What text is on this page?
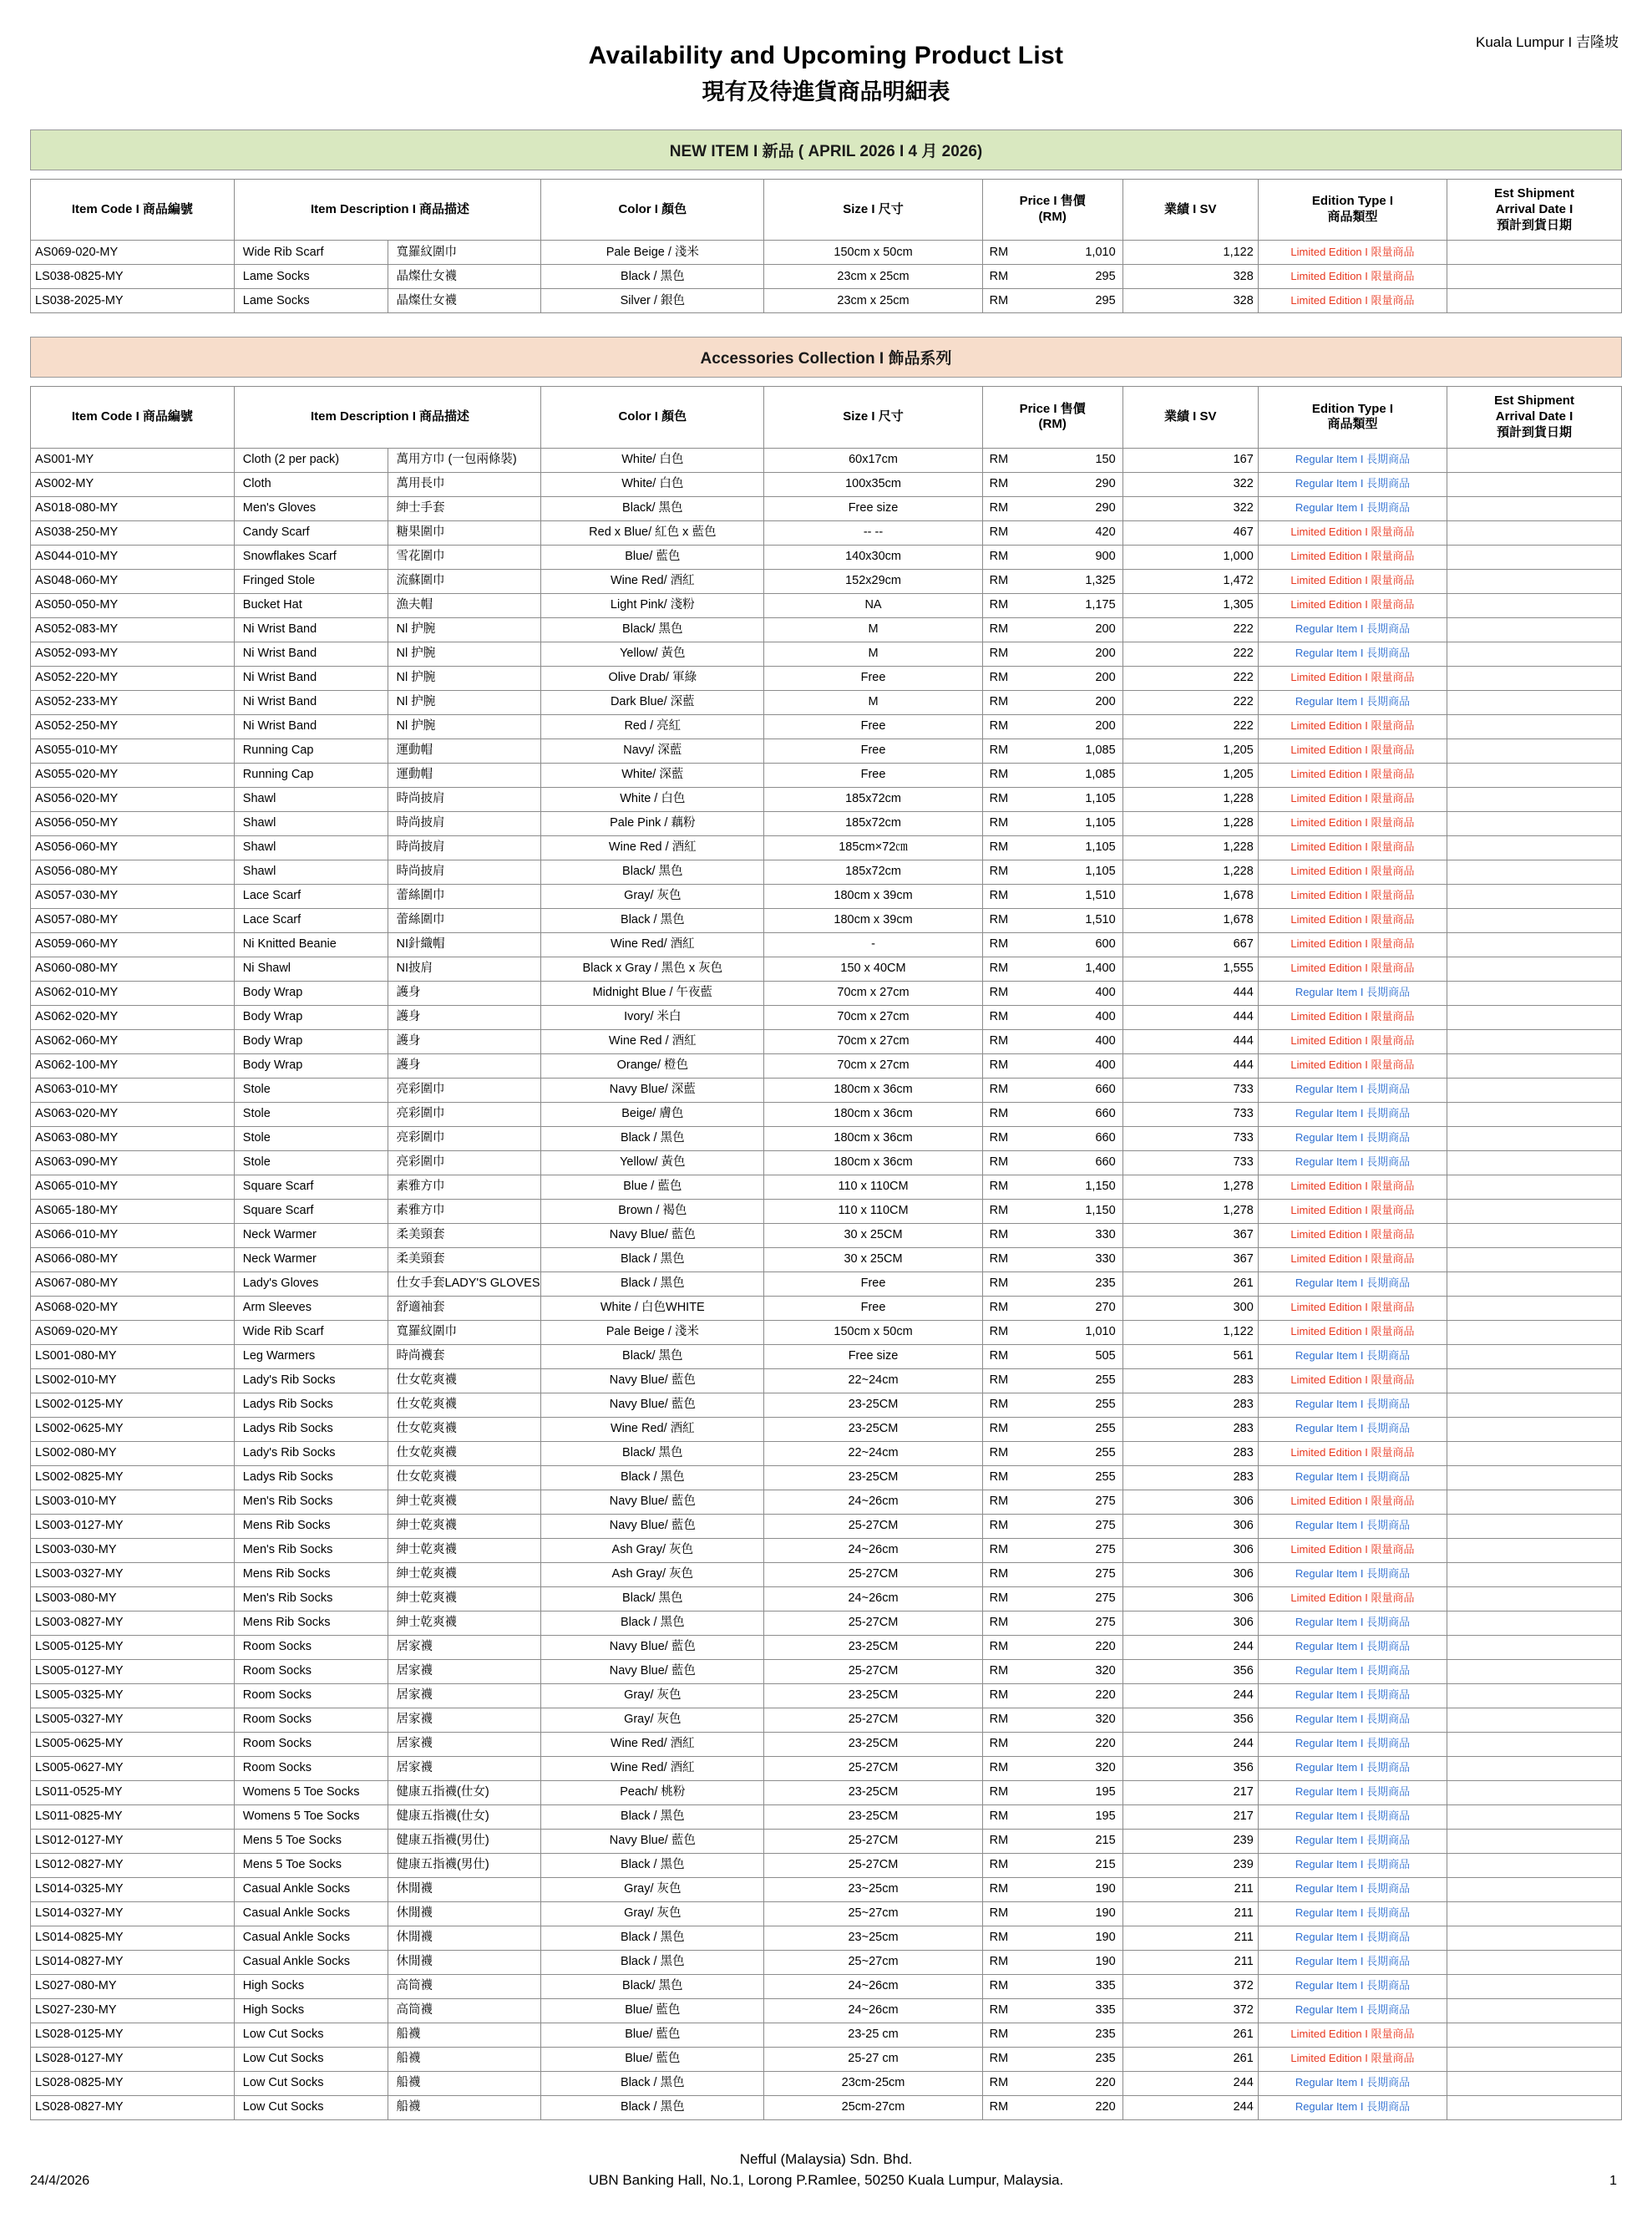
Kuala Lumpur I 吉隆坡
Availability and Upcoming Product List
現有及待進貨商品明細表
NEW ITEM I 新品 ( APRIL 2026 I 4 月 2026)
Item Code I 商品編號	Item Description I 商品描述		Color I 顏色	Size I 尺寸	Price I 售價
(RM)	業績 I SV	Edition Type I
商品類型	Est Shipment
Arrival Date I
預計到貨日期

AS069-020-MY	Wide Rib Scarf	寬羅紋圍巾	Pale Beige / 淺米	150cm x 50cm	RM 1,010	1,122	Limited Edition I 限量商品	
LS038-0825-MY	Lame Socks	晶燦仕女襪	Black / 黑色	23cm x 25cm	RM 295	328	Limited Edition I 限量商品	
LS038-2025-MY	Lame Socks	晶燦仕女襪	Silver / 銀色	23cm x 25cm	RM 295	328	Limited Edition I 限量商品	
Accessories Collection I 飾品系列
Item Code I 商品編號	Item Description I 商品描述		Color I 顏色	Size I 尺寸	Price I 售價
(RM)	業績 I SV	Edition Type I
商品類型	Est Shipment
Arrival Date I
預計到貨日期

AS001-MY	Cloth (2 per pack)	萬用方巾 (一包兩條裝)	White/ 白色	60x17cm	RM 150	167	Regular Item I 長期商品	
AS002-MY	Cloth	萬用長巾	White/ 白色	100x35cm	RM 290	322	Regular Item I 長期商品	
AS018-080-MY	Men's Gloves	紳士手套	Black/ 黑色	Free size	RM 290	322	Regular Item I 長期商品	
AS038-250-MY	Candy Scarf	糖果圍巾	Red x Blue/ 紅色 x 藍色	-- --	RM 420	467	Limited Edition I 限量商品	
AS044-010-MY	Snowflakes Scarf	雪花圍巾	Blue/ 藍色	140x30cm	RM 900	1,000	Limited Edition I 限量商品	
AS048-060-MY	Fringed Stole	流蘇圍巾	Wine Red/ 酒紅	152x29cm	RM 1,325	1,472	Limited Edition I 限量商品	
AS050-050-MY	Bucket Hat	漁夫帽	Light Pink/ 淺粉	NA	RM 1,175	1,305	Limited Edition I 限量商品	
AS052-083-MY	Ni Wrist Band	Nl 护腕	Black/ 黑色	M	RM 200	222	Regular Item I 長期商品	
AS052-093-MY	Ni Wrist Band	Nl 护腕	Yellow/ 黃色	M	RM 200	222	Regular Item I 長期商品	
AS052-220-MY	Ni Wrist Band	Nl 护腕	Olive Drab/ 軍綠	Free	RM 200	222	Limited Edition I 限量商品	
AS052-233-MY	Ni Wrist Band	Nl 护腕	Dark Blue/ 深藍	M	RM 200	222	Regular Item I 長期商品	
AS052-250-MY	Ni Wrist Band	Nl 护腕	Red / 亮紅	Free	RM 200	222	Limited Edition I 限量商品	
AS055-010-MY	Running Cap	運動帽	Navy/ 深藍	Free	RM 1,085	1,205	Limited Edition I 限量商品	
AS055-020-MY	Running Cap	運動帽	White/ 深藍	Free	RM 1,085	1,205	Limited Edition I 限量商品	
AS056-020-MY	Shawl	時尚披肩	White / 白色	185x72cm	RM 1,105	1,228	Limited Edition I 限量商品	
AS056-050-MY	Shawl	時尚披肩	Pale Pink / 藕粉	185x72cm	RM 1,105	1,228	Limited Edition I 限量商品	
AS056-060-MY	Shawl	時尚披肩	Wine Red / 酒紅	185cm×72㎝	RM 1,105	1,228	Limited Edition I 限量商品	
AS056-080-MY	Shawl	時尚披肩	Black/ 黑色	185x72cm	RM 1,105	1,228	Limited Edition I 限量商品	
AS057-030-MY	Lace Scarf	蕾絲圍巾	Gray/ 灰色	180cm x 39cm	RM 1,510	1,678	Limited Edition I 限量商品	
AS057-080-MY	Lace Scarf	蕾絲圍巾	Black / 黑色	180cm x 39cm	RM 1,510	1,678	Limited Edition I 限量商品	
AS059-060-MY	Ni Knitted Beanie	NI針織帽	Wine Red/ 酒紅	-	RM 600	667	Limited Edition I 限量商品	
AS060-080-MY	Ni Shawl	NI披肩	Black x Gray / 黑色 x 灰色	150 x 40CM	RM 1,400	1,555	Limited Edition I 限量商品	
AS062-010-MY	Body Wrap	護身	Midnight Blue / 午夜藍	70cm x 27cm	RM 400	444	Regular Item I 長期商品	
AS062-020-MY	Body Wrap	護身	Ivory/ 米白	70cm x 27cm	RM 400	444	Limited Edition I 限量商品	
AS062-060-MY	Body Wrap	護身	Wine Red / 酒紅	70cm x 27cm	RM 400	444	Limited Edition I 限量商品	
AS062-100-MY	Body Wrap	護身	Orange/ 橙色	70cm x 27cm	RM 400	444	Limited Edition I 限量商品	
AS063-010-MY	Stole	亮彩圍巾	Navy Blue/ 深藍	180cm x 36cm	RM 660	733	Regular Item I 長期商品	
AS063-020-MY	Stole	亮彩圍巾	Beige/ 膚色	180cm x 36cm	RM 660	733	Regular Item I 長期商品	
AS063-080-MY	Stole	亮彩圍巾	Black / 黑色	180cm x 36cm	RM 660	733	Regular Item I 長期商品	
AS063-090-MY	Stole	亮彩圍巾	Yellow/ 黃色	180cm x 36cm	RM 660	733	Regular Item I 長期商品	
AS065-010-MY	Square Scarf	素雅方巾	Blue / 藍色	110 x 110CM	RM 1,150	1,278	Limited Edition I 限量商品	
AS065-180-MY	Square Scarf	素雅方巾	Brown / 褐色	110 x 110CM	RM 1,150	1,278	Limited Edition I 限量商品	
AS066-010-MY	Neck Warmer	柔美頸套	Navy Blue/ 藍色	30 x 25CM	RM 330	367	Limited Edition I 限量商品	
AS066-080-MY	Neck Warmer	柔美頸套	Black / 黑色	30 x 25CM	RM 330	367	Limited Edition I 限量商品	
AS067-080-MY	Lady's Gloves	仕女手套LADY'S GLOVES	Black / 黑色	Free	RM 235	261	Regular Item I 長期商品	
AS068-020-MY	Arm Sleeves	舒適袖套	White / 白色WHITE	Free	RM 270	300	Limited Edition I 限量商品	
AS069-020-MY	Wide Rib Scarf	寬羅紋圍巾	Pale Beige / 淺米	150cm x 50cm	RM 1,010	1,122	Limited Edition I 限量商品	
LS001-080-MY	Leg Warmers	時尚襪套	Black/ 黑色	Free size	RM 505	561	Regular Item I 長期商品	
LS002-010-MY	Lady's Rib Socks	仕女乾爽襪	Navy Blue/ 藍色	22~24cm	RM 255	283	Limited Edition I 限量商品	
LS002-0125-MY	Ladys Rib Socks	仕女乾爽襪	Navy Blue/ 藍色	23-25CM	RM 255	283	Regular Item I 長期商品	
LS002-0625-MY	Ladys Rib Socks	仕女乾爽襪	Wine Red/ 酒紅	23-25CM	RM 255	283	Regular Item I 長期商品	
LS002-080-MY	Lady's Rib Socks	仕女乾爽襪	Black/ 黑色	22~24cm	RM 255	283	Limited Edition I 限量商品	
LS002-0825-MY	Ladys Rib Socks	仕女乾爽襪	Black / 黑色	23-25CM	RM 255	283	Regular Item I 長期商品	
LS003-010-MY	Men's Rib Socks	紳士乾爽襪	Navy Blue/ 藍色	24~26cm	RM 275	306	Limited Edition I 限量商品	
LS003-0127-MY	Mens Rib Socks	紳士乾爽襪	Navy Blue/ 藍色	25-27CM	RM 275	306	Regular Item I 長期商品	
LS003-030-MY	Men's Rib Socks	紳士乾爽襪	Ash Gray/ 灰色	24~26cm	RM 275	306	Limited Edition I 限量商品	
LS003-0327-MY	Mens Rib Socks	紳士乾爽襪	Ash Gray/ 灰色	25-27CM	RM 275	306	Regular Item I 長期商品	
LS003-080-MY	Men's Rib Socks	紳士乾爽襪	Black/ 黑色	24~26cm	RM 275	306	Limited Edition I 限量商品	
LS003-0827-MY	Mens Rib Socks	紳士乾爽襪	Black / 黑色	25-27CM	RM 275	306	Regular Item I 長期商品	
LS005-0125-MY	Room Socks	居家襪	Navy Blue/ 藍色	23-25CM	RM 220	244	Regular Item I 長期商品	
LS005-0127-MY	Room Socks	居家襪	Navy Blue/ 藍色	25-27CM	RM 320	356	Regular Item I 長期商品	
LS005-0325-MY	Room Socks	居家襪	Gray/ 灰色	23-25CM	RM 220	244	Regular Item I 長期商品	
LS005-0327-MY	Room Socks	居家襪	Gray/ 灰色	25-27CM	RM 320	356	Regular Item I 長期商品	
LS005-0625-MY	Room Socks	居家襪	Wine Red/ 酒紅	23-25CM	RM 220	244	Regular Item I 長期商品	
LS005-0627-MY	Room Socks	居家襪	Wine Red/ 酒紅	25-27CM	RM 320	356	Regular Item I 長期商品	
LS011-0525-MY	Womens 5 Toe Socks	健康五指襪(仕女)	Peach/ 桃粉	23-25CM	RM 195	217	Regular Item I 長期商品	
LS011-0825-MY	Womens 5 Toe Socks	健康五指襪(仕女)	Black / 黑色	23-25CM	RM 195	217	Regular Item I 長期商品	
LS012-0127-MY	Mens 5 Toe Socks	健康五指襪(男仕)	Navy Blue/ 藍色	25-27CM	RM 215	239	Regular Item I 長期商品	
LS012-0827-MY	Mens 5 Toe Socks	健康五指襪(男仕)	Black / 黑色	25-27CM	RM 215	239	Regular Item I 長期商品	
LS014-0325-MY	Casual Ankle Socks	休閒襪	Gray/ 灰色	23~25cm	RM 190	211	Regular Item I 長期商品	
LS014-0327-MY	Casual Ankle Socks	休閒襪	Gray/ 灰色	25~27cm	RM 190	211	Regular Item I 長期商品	
LS014-0825-MY	Casual Ankle Socks	休閒襪	Black / 黑色	23~25cm	RM 190	211	Regular Item I 長期商品	
LS014-0827-MY	Casual Ankle Socks	休閒襪	Black / 黑色	25~27cm	RM 190	211	Regular Item I 長期商品	
LS027-080-MY	High Socks	高筒襪	Black/ 黑色	24~26cm	RM 335	372	Regular Item I 長期商品	
LS027-230-MY	High Socks	高筒襪	Blue/ 藍色	24~26cm	RM 335	372	Regular Item I 長期商品	
LS028-0125-MY	Low Cut Socks	船襪	Blue/ 藍色	23-25 cm	RM 235	261	Limited Edition I 限量商品	
LS028-0127-MY	Low Cut Socks	船襪	Blue/ 藍色	25-27 cm	RM 235	261	Limited Edition I 限量商品	
LS028-0825-MY	Low Cut Socks	船襪	Black / 黑色	23cm-25cm	RM 220	244	Regular Item I 長期商品	
LS028-0827-MY	Low Cut Socks	船襪	Black / 黑色	25cm-27cm	RM 220	244	Regular Item I 長期商品	
24/4/2026
Nefful (Malaysia) Sdn. Bhd.
UBN Banking Hall, No.1, Lorong P.Ramlee, 50250 Kuala Lumpur, Malaysia.	1
